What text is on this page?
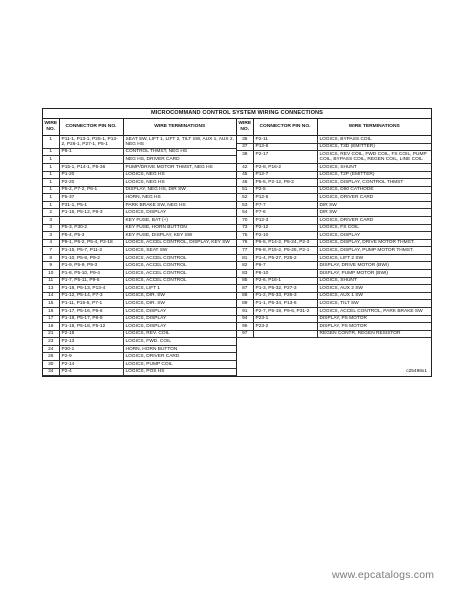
MICROCOMMAND CONTROL SYSTEM WIRING CONNECTIONS
WIRE NO.	CONNECTOR PIN NO.	WIRE TERMINATIONS
1	P11-1, P13-1, P25-1, P13-2, P26-1, P27-1, P5-1	SEAT SW, LIFT 1, LIFT 2, TILT SW, AUX 1, AUX 2, NEG HS
1	P8-1	CONTROL THMST, NEG HS
1		NEG HS, DRIVER CARD
1	P15-1, P14-1, P5-36	PUMP/DRIVE MOTOR THMST, NEG HS
1	P1-20	LOGICS, NEG HS
1	P2-20	LOGICS, NEG HS
1	P5-2, P7-2, P6-1	DISPLAY, NEG HS, DIR SW
1	P5-37	HORN, NEG HS
1	P31-1, P5-1	PARK BRAKE SW, NEG HS
2	P1-16, P5-12, P6-3	LOGICS, DISPLAY
3		KEY FUSE, BAT (+)
3	P5-3, P30-2	KEY FUSE, HORN BUTTON
3	P6-4, P5-3	KEY FUSE, DISPLAY, KEY SW
4	P9-1, P6-2, P5-4, P2-18	LOGICS, ACCEL CONTROL, DISPLAY, KEY SW
7	P1-15, P5-7, P11-2	LOGICS, SEAT SW
8	P1-10, P5-8, P9-2	LOGICS, ACCEL CONTROL
9	P1-9, P5-9, P9-3	LOGICS, ACCEL CONTROL
10	P1-8, P5-10, P9-4	LOGICS, ACCEL CONTROL
11	P1-7, P5-11, P9-5	LOGICS, ACCEL CONTROL
13	P1-18, P5-13, P13-4	LOGICS, LIFT 1
14	P1-12, P5-14, P7-3	LOGICS, DIR. SW
15	P1-11, P15-5, P7-1	LOGICS, DIR. SW
16	P1-17, P5-16, P6-6	LOGICS, DISPLAY
17	P1-18, P5-17, P6-9	LOGICS, DISPLAY
18	P1-19, P5-18, P5-12	LOGICS, DISPLAY
21	P2-15	LOGICS, REV. COIL
23	P2-13	LOGICS, FWD. COIL
24	P30-1	HORN, HORN BUTTON
26	P2-9	LOGICS, DRIVER CARD
30	P2-14	LOGICS, PUMP COIL
34	P2-4	LOGICS, POS HS
WIRE NO.	CONNECTOR PIN NO.	WIRE TERMINATIONS
35	P2-11	LOGICS, BYPASS COIL
37	P12-6	LOGICS, T3D (EMITTER)
38	P2-17	LOGICS, REV COIL, FWD COIL, FS COIL, PUMP COIL, BYPASS COIL, REGEN COIL, LINE COIL
42	P2-8, P16-2	LOGICS, SHUNT
45	P12-7	LOGICS, T2P (EMITTER)
46	P5-5, P2-12, P8-2	LOGICS, DISPLAY, CONTROL THMST
51	P2-5	LOGICS, D50 CATHODE
52	P12-5	LOGICS, DRIVER CARD
53	P7-7	DIR SW
54	P7-6	DIR SW
70	P12-3	LOGICS, DRIVER CARD
73	P2-12	LOGICS, FS COIL
75	P2-10	LOGICS, DISPLAY
76	P6-5, P14-2, P5-24, P2-3	LOGICS, DISPLAY, DRIVE MOTOR THMST.
77	P6-8, P15-2, P5-25, P2-1	LOGICS, DISPLAY, PUMP MOTOR THMST.
81	P1-4, P5-27, P25-2	LOGICS, LIFT 2 SW
82	P6-7	DISPLAY, DRIVE MOTOR (BWI)
83	P6-10	DISPLAY, PUMP MOTOR (BWI)
85	P2-6, P16-1	LOGICS, SHUNT
87	P1-3, P5-32, P27-3	LOGICS, AUX 2 SW
88	P1-2, P5-33, P26-3	LOGICS, AUX 1 SW
89	P1-1, P5-34, P13-6	LOGICS, TILT SW
91	P2-7, P5-19, P9-6, P31-2	LOGICS, ACCEL CONTROL, PARK BRAKE SW
94	P23-1	DISPLAY, PS MOTOR
95	P23-2	DISPLAY, PS MOTOR
97		REGEN CONTR, REGEN RESISTOR

c25498x1
www.epcatalogs.com
